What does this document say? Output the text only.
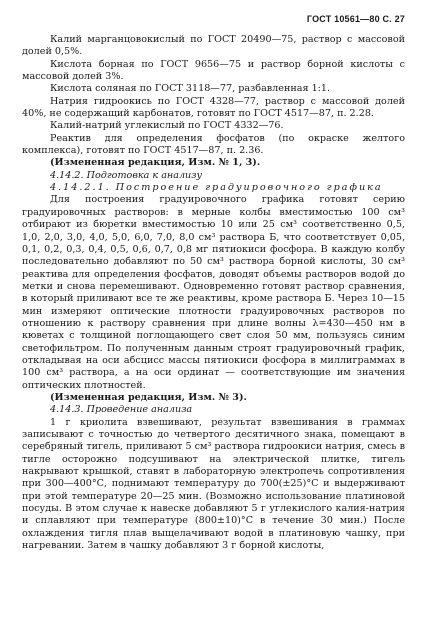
ГОСТ 10561—80 С. 27

Калий марганцовокислый по ГОСТ 20490—75, раствор с массовой долей 0,5%.

Кислота борная по ГОСТ 9656—75 и раствор борной кислоты с массовой долей 3%.

Кислота соляная по ГОСТ 3118—77, разбавленная 1:1.

Натрия гидроокись по ГОСТ 4328—77, раствор с массовой долей 40%, не содержащий карбонатов, готовят по ГОСТ 4517—87, п. 2.28.

Калий-натрий углекислый по ГОСТ 4332—76.

Реактив для определения фосфатов (по окраске желтого комплекса), готовят по ГОСТ 4517—87, п. 2.36.

(Измененная редакция, Изм. № 1, 3).

4.14.2. Подготовка к анализу

4.14.2.1. Построение градуировочного графика

Для построения градуировочного графика готовят серию градуировочных растворов: в мерные колбы вместимостью 100 см³ отбирают из бюретки вместимостью 10 или 25 см³ соответственно 0,5, 1,0, 2,0, 3,0, 4,0, 5,0, 6,0, 7,0, 8,0 см³ раствора Б, что соответствует 0,05, 0,1, 0,2, 0,3, 0,4, 0,5, 0,6, 0,7, 0,8 мг пятиокиси фосфора. В каждую колбу последовательно добавляют по 50 см³ раствора борной кислоты, 30 см³ реактива для определения фосфатов, доводят объемы растворов водой до метки и снова перемешивают. Одновременно готовят раствор сравнения, в который приливают все те же реактивы, кроме раствора Б. Через 10—15 мин измеряют оптические плотности градуировочных растворов по отношению к раствору сравнения при длине волны λ=430—450 нм в кюветах с толщиной поглощающего свет слоя 50 мм, пользуясь синим светофильтром. По полученным данным строят градуировочный график, откладывая на оси абсцисс массы пятиокиси фосфора в миллиграммах в 100 см³ раствора, а на оси ординат — соответствующие им значения оптических плотностей.

(Измененная редакция, Изм. № 3).

4.14.3. Проведение анализа

1 г криолита взвешивают, результат взвешивания в граммах записывают с точностью до четвертого десятичного знака, помещают в серебряный тигель, приливают 5 см³ раствора гидроокиси натрия, смесь в тигле осторожно подсушивают на электрической плитке, тигель накрывают крышкой, ставят в лабораторную электропечь сопротивления при 300—400°С, поднимают температуру до 700(±25)°С и выдерживают при этой температуре 20—25 мин. (Возможно использование платиновой посуды. В этом случае к навеске добавляют 5 г углекислого калия-натрия и сплавляют при температуре (800±10)°С в течение 30 мин.) После охлаждения тигля плав выщелачивают водой в платиновую чашку, при нагревании. Затем в чашку добавляют 3 г борной кислоты,
